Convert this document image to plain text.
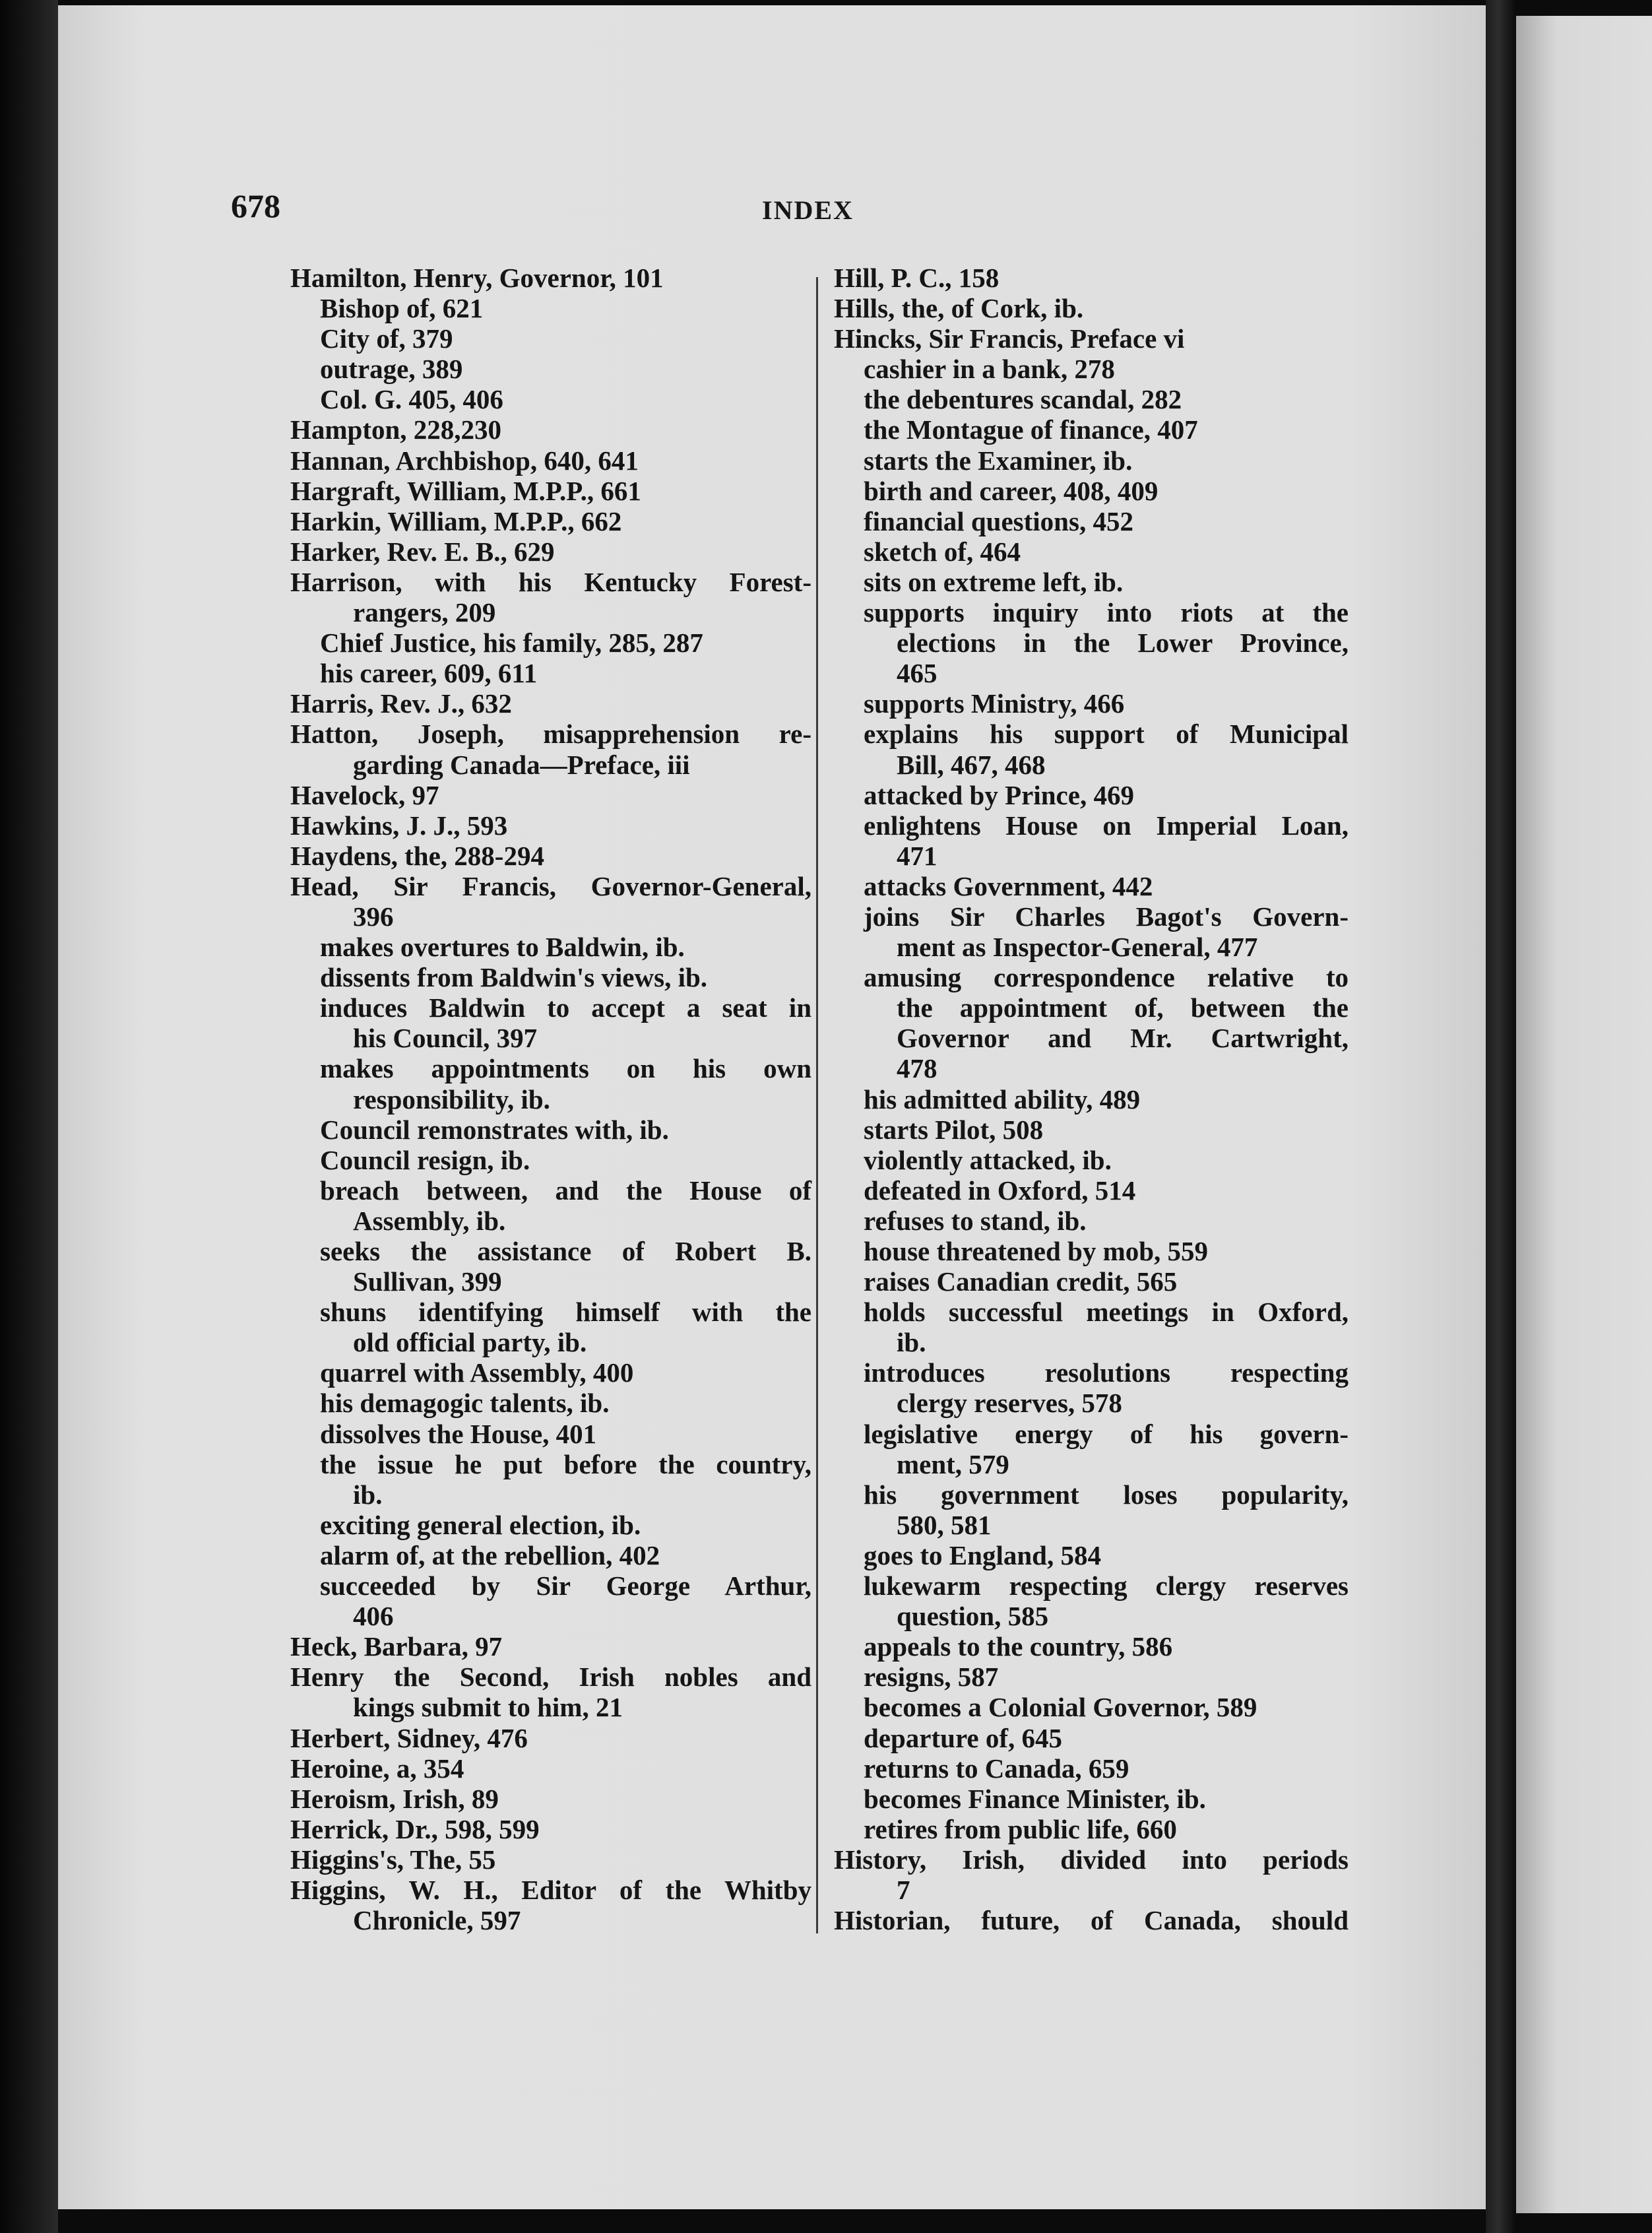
678	INDEX
Hamilton, Henry, Governor, 101
Bishop of, 621
City of, 379
outrage, 389
Col. G. 405, 406
Hampton, 228,230
Hannan, Archbishop, 640, 641
Hargraft, William, M.P.P., 661
Harkin, William, M.P.P., 662
Harker, Rev. E. B., 629
Harrison, with his Kentucky Forest-
rangers, 209
Chief Justice, his family, 285, 287
his career, 609, 611
Harris, Rev. J., 632
Hatton, Joseph, misapprehension re-
garding Canada—Preface, iii
Havelock, 97
Hawkins, J. J., 593
Haydens, the, 288-294
Head, Sir Francis, Governor-General,
396
makes overtures to Baldwin, ib.
dissents from Baldwin's views, ib.
induces Baldwin to accept a seat in
his Council, 397
makes appointments on his own
responsibility, ib.
Council remonstrates with, ib.
Council resign, ib.
breach between, and the House of
Assembly, ib.
seeks the assistance of Robert B.
Sullivan, 399
shuns identifying himself with the
old official party, ib.
quarrel with Assembly, 400
his demagogic talents, ib.
dissolves the House, 401
the issue he put before the country,
ib.
exciting general election, ib.
alarm of, at the rebellion, 402
succeeded by Sir George Arthur,
406
Heck, Barbara, 97
Henry the Second, Irish nobles and
kings submit to him, 21
Herbert, Sidney, 476
Heroine, a, 354
Heroism, Irish, 89
Herrick, Dr., 598, 599
Higgins's, The, 55
Higgins, W. H., Editor of the Whitby
Chronicle, 597
Hill, P. C., 158
Hills, the, of Cork, ib.
Hincks, Sir Francis, Preface vi
cashier in a bank, 278
the debentures scandal, 282
the Montague of finance, 407
starts the Examiner, ib.
birth and career, 408, 409
financial questions, 452
sketch of, 464
sits on extreme left, ib.
supports inquiry into riots at the
elections in the Lower Province,
465
supports Ministry, 466
explains his support of Municipal
Bill, 467, 468
attacked by Prince, 469
enlightens House on Imperial Loan,
471
attacks Government, 442
joins Sir Charles Bagot's Govern-
ment as Inspector-General, 477
amusing correspondence relative to
the appointment of, between the
Governor and Mr. Cartwright,
478
his admitted ability, 489
starts Pilot, 508
violently attacked, ib.
defeated in Oxford, 514
refuses to stand, ib.
house threatened by mob, 559
raises Canadian credit, 565
holds successful meetings in Oxford,
ib.
introduces resolutions respecting
clergy reserves, 578
legislative energy of his govern-
ment, 579
his government loses popularity,
580, 581
goes to England, 584
lukewarm respecting clergy reserves
question, 585
appeals to the country, 586
resigns, 587
becomes a Colonial Governor, 589
departure of, 645
returns to Canada, 659
becomes Finance Minister, ib.
retires from public life, 660
History, Irish, divided into periods
7
Historian, future, of Canada, should
